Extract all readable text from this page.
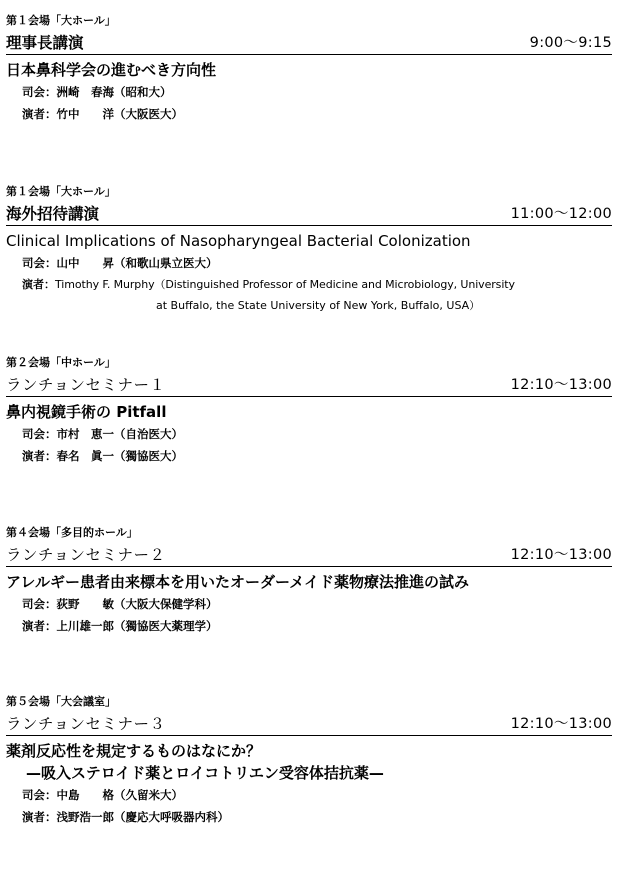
第１会場「大ホール」
理事長講演	9:00〜9:15
日本鼻科学会の進むべき方向性
司会： 洲崎　春海（昭和大）
演者： 竹中　　洋（大阪医大）
第１会場「大ホール」
海外招待講演	11:00〜12:00
Clinical Implications of Nasopharyngeal Bacterial Colonization
司会： 山中　　昇（和歌山県立医大）
演者： Timothy F. Murphy（Distinguished Professor of Medicine and Microbiology, University
at Buffalo, the State University of New York, Buffalo, USA）
第２会場「中ホール」
ランチョンセミナー１	12:10〜13:00
鼻内視鏡手術の Pitfall
司会： 市村　恵一（自治医大）
演者： 春名　眞一（獨協医大）
第４会場「多目的ホール」
ランチョンセミナー２	12:10〜13:00
アレルギー患者由来標本を用いたオーダーメイド薬物療法推進の試み
司会： 荻野　　敏（大阪大保健学科）
演者： 上川雄一郎（獨協医大薬理学）
第５会場「大会議室」
ランチョンセミナー３	12:10〜13:00
薬剤反応性を規定するものはなにか？
—吸入ステロイド薬とロイコトリエン受容体拮抗薬—
司会： 中島　　格（久留米大）
演者： 浅野浩一郎（慶応大呼吸器内科）
